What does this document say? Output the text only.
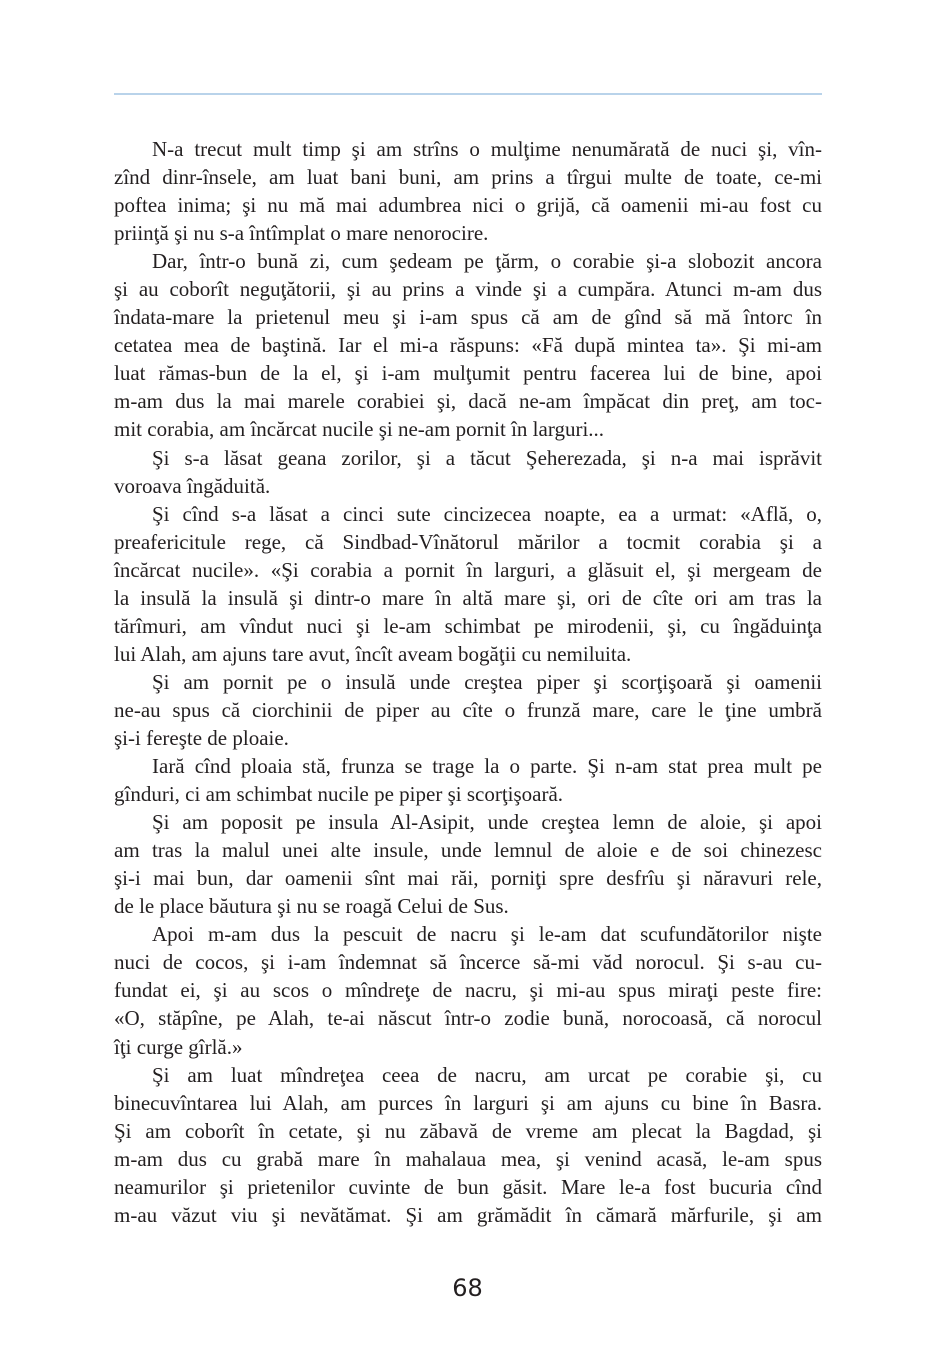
N-a trecut mult timp şi am strîns o mulţime nenumărată de nuci şi, vîn-
zînd dinr-însele, am luat bani buni, am prins a tîrgui multe de toate, ce-mi
poftea inima; şi nu mă mai adumbrea nici o grijă, că oamenii mi-au fost cu
priinţă şi nu s-a întîmplat o mare nenorocire.
Dar, într-o bună zi, cum şedeam pe ţărm, o corabie şi-a slobozit ancora
şi au coborît neguţătorii, şi au prins a vinde şi a cumpăra. Atunci m-am dus
îndata-mare la prietenul meu şi i-am spus că am de gînd să mă întorc în
cetatea mea de baştină. Iar el mi-a răspuns: «Fă după mintea ta». Şi mi-am
luat rămas-bun de la el, şi i-am mulţumit pentru facerea lui de bine, apoi
m-am dus la mai marele corabiei şi, dacă ne-am împăcat din preţ, am toc-
mit corabia, am încărcat nucile şi ne-am pornit în larguri...
Şi s-a lăsat geana zorilor, şi a tăcut Şeherezada, şi n-a mai isprăvit
voroava îngăduită.
Şi cînd s-a lăsat a cinci sute cincizecea noapte, ea a urmat: «Află, o,
preafericitule rege, că Sindbad-Vînătorul mărilor a tocmit corabia şi a
încărcat nucile». «Şi corabia a pornit în larguri, a glăsuit el, şi mergeam de
la insulă la insulă şi dintr-o mare în altă mare şi, ori de cîte ori am tras la
tărîmuri, am vîndut nuci şi le-am schimbat pe mirodenii, şi, cu îngăduinţa
lui Alah, am ajuns tare avut, încît aveam bogăţii cu nemiluita.
Şi am pornit pe o insulă unde creştea piper şi scorţişoară şi oamenii
ne-au spus că ciorchinii de piper au cîte o frunză mare, care le ţine umbră
şi-i fereşte de ploaie.
Iară cînd ploaia stă, frunza se trage la o parte. Şi n-am stat prea mult pe
gînduri, ci am schimbat nucile pe piper şi scorţişoară.
Şi am poposit pe insula Al-Asipit, unde creştea lemn de aloie, şi apoi
am tras la malul unei alte insule, unde lemnul de aloie e de soi chinezesc
şi-i mai bun, dar oamenii sînt mai răi, porniţi spre desfrîu şi năravuri rele,
de le place băutura şi nu se roagă Celui de Sus.
Apoi m-am dus la pescuit de nacru şi le-am dat scufundătorilor nişte
nuci de cocos, şi i-am îndemnat să încerce să-mi văd norocul. Şi s-au cu-
fundat ei, şi au scos o mîndreţe de nacru, şi mi-au spus miraţi peste fire:
«O, stăpîne, pe Alah, te-ai născut într-o zodie bună, norocoasă, că norocul
îţi curge gîrlă.»
Şi am luat mîndreţea ceea de nacru, am urcat pe corabie şi, cu
binecuvîntarea lui Alah, am purces în larguri şi am ajuns cu bine în Basra.
Şi am coborît în cetate, şi nu zăbavă de vreme am plecat la Bagdad, şi
m-am dus cu grabă mare în mahalaua mea, şi venind acasă, le-am spus
neamurilor şi prietenilor cuvinte de bun găsit. Mare le-a fost bucuria cînd
m-au văzut viu şi nevătămat. Şi am grămădit în cămară mărfurile, şi am
68
